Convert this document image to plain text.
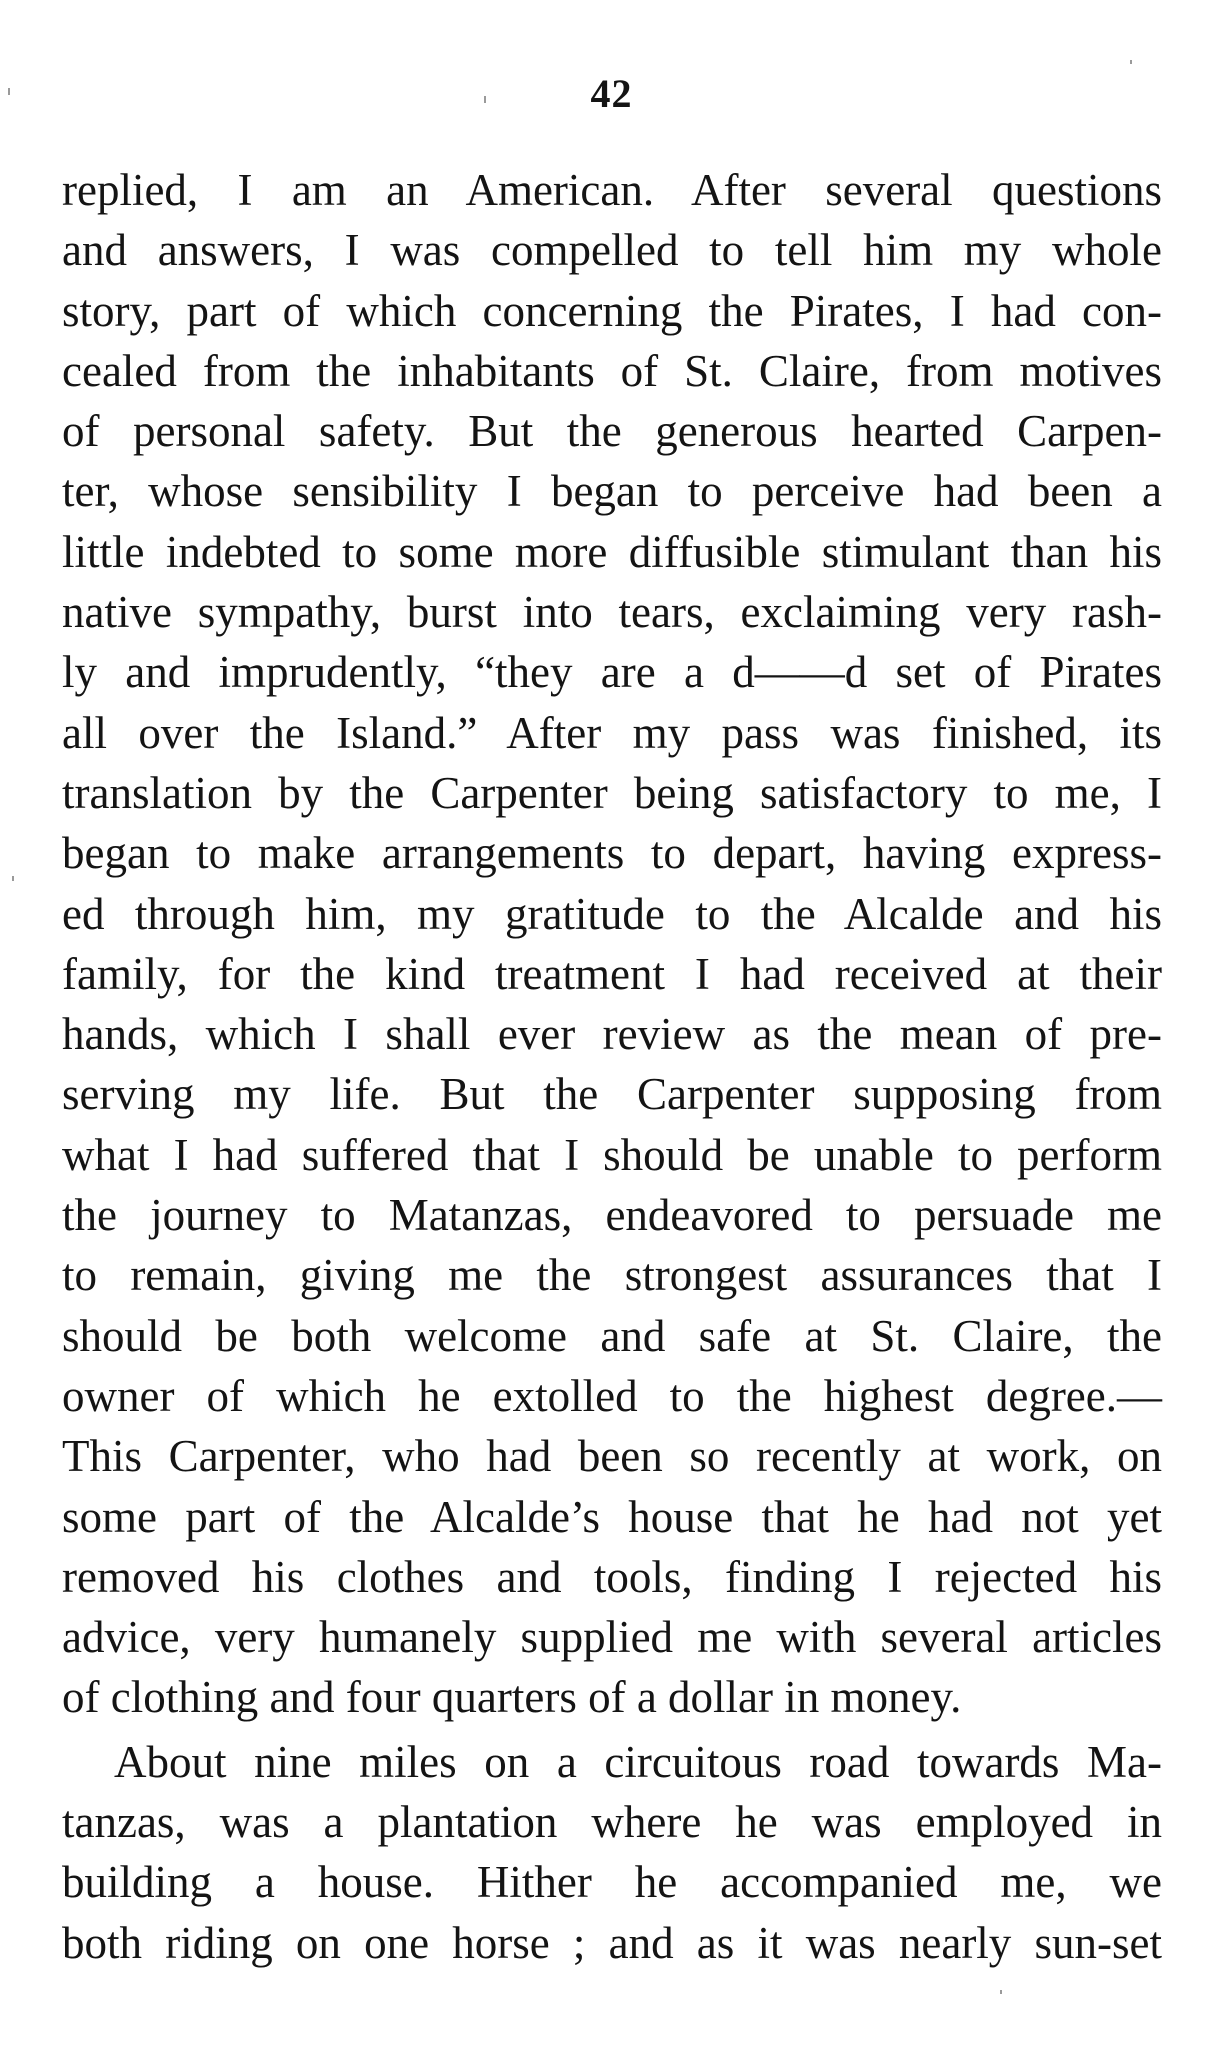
42
replied, I am an American. After several questions
and answers, I was compelled to tell him my whole
story, part of which concerning the Pirates, I had con-
cealed from the inhabitants of St. Claire, from motives
of personal safety. But the generous hearted Carpen-
ter, whose sensibility I began to perceive had been a
little indebted to some more diffusible stimulant than his
native sympathy, burst into tears, exclaiming very rash-
ly and imprudently, “they are a d——d set of Pirates
all over the Island.” After my pass was finished, its
translation by the Carpenter being satisfactory to me, I
began to make arrangements to depart, having express-
ed through him, my gratitude to the Alcalde and his
family, for the kind treatment I had received at their
hands, which I shall ever review as the mean of pre-
serving my life. But the Carpenter supposing from
what I had suffered that I should be unable to perform
the journey to Matanzas, endeavored to persuade me
to remain, giving me the strongest assurances that I
should be both welcome and safe at St. Claire, the
owner of which he extolled to the highest degree.—
This Carpenter, who had been so recently at work, on
some part of the Alcalde’s house that he had not yet
removed his clothes and tools, finding I rejected his
advice, very humanely supplied me with several articles
of clothing and four quarters of a dollar in money.
About nine miles on a circuitous road towards Ma-
tanzas, was a plantation where he was employed in
building a house. Hither he accompanied me, we
both riding on one horse ; and as it was nearly sun-set
